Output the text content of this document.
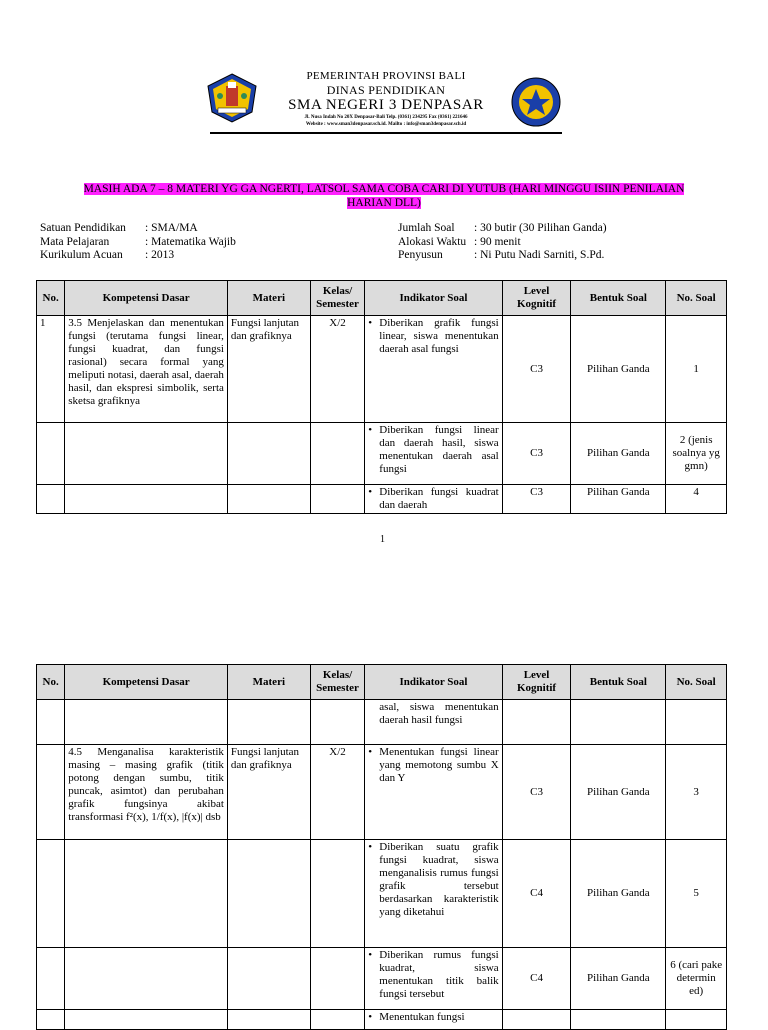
PEMERINTAH PROVINSI BALI
DINAS PENDIDIKAN
SMA NEGERI 3 DENPASAR
Jl. Nusa Indah No 20X Denpasar-Bali Telp. (0361) 234295 Fax (0361) 221646
Website : www.sman3denpasar.sch.id. Mailto : info@sman3denpasar.sch.id
MASIH ADA 7 – 8 MATERI YG GA NGERTI, LATSOL SAMA COBA CARI DI YUTUB (HARI MINGGU ISIIN PENILAIAN HARIAN DLL)
Satuan Pendidikan	: SMA/MA
Mata Pelajaran	: Matematika Wajib
Kurikulum Acuan	: 2013
Jumlah Soal	: 30 butir (30 Pilihan Ganda)
Alokasi Waktu : 90 menit
Penyusun	: Ni Putu Nadi Sarniti, S.Pd.
No.	Kompetensi Dasar	Materi	Kelas/ Semester	Indikator Soal	Level Kognitif	Bentuk Soal	No. Soal
1	3.5 Menjelaskan dan menentukan fungsi (terutama fungsi linear, fungsi kuadrat, dan fungsi rasional) secara formal yang meliputi notasi, daerah asal, daerah hasil, dan ekspresi simbolik, serta sketsa grafiknya	Fungsi lanjutan dan grafiknya	X/2	• Diberikan grafik fungsi linear, siswa menentukan daerah asal fungsi	C3	Pilihan Ganda	1
				• Diberikan fungsi linear dan daerah hasil, siswa menentukan daerah asal fungsi	C3	Pilihan Ganda	2 (jenis soalnya yg gmn)
				• Diberikan fungsi kuadrat dan daerah	C3	Pilihan Ganda	4
1
No.	Kompetensi Dasar	Materi	Kelas/ Semester	Indikator Soal	Level Kognitif	Bentuk Soal	No. Soal
				asal, siswa menentukan daerah hasil fungsi			
	4.5 Menganalisa karakteristik masing – masing grafik (titik potong dengan sumbu, titik puncak, asimtot) dan perubahan grafik fungsinya akibat transformasi f²(x), 1/f(x), |f(x)| dsb	Fungsi lanjutan dan grafiknya	X/2	• Menentukan fungsi linear yang memotong sumbu X dan Y	C3	Pilihan Ganda	3
				• Diberikan suatu grafik fungsi kuadrat, siswa menganalisis rumus fungsi grafik tersebut berdasarkan karakteristik yang diketahui	C4	Pilihan Ganda	5
				• Diberikan rumus fungsi kuadrat, siswa menentukan titik balik fungsi tersebut	C4	Pilihan Ganda	6 (cari pake determin ed)
				• Menentukan fungsi			
